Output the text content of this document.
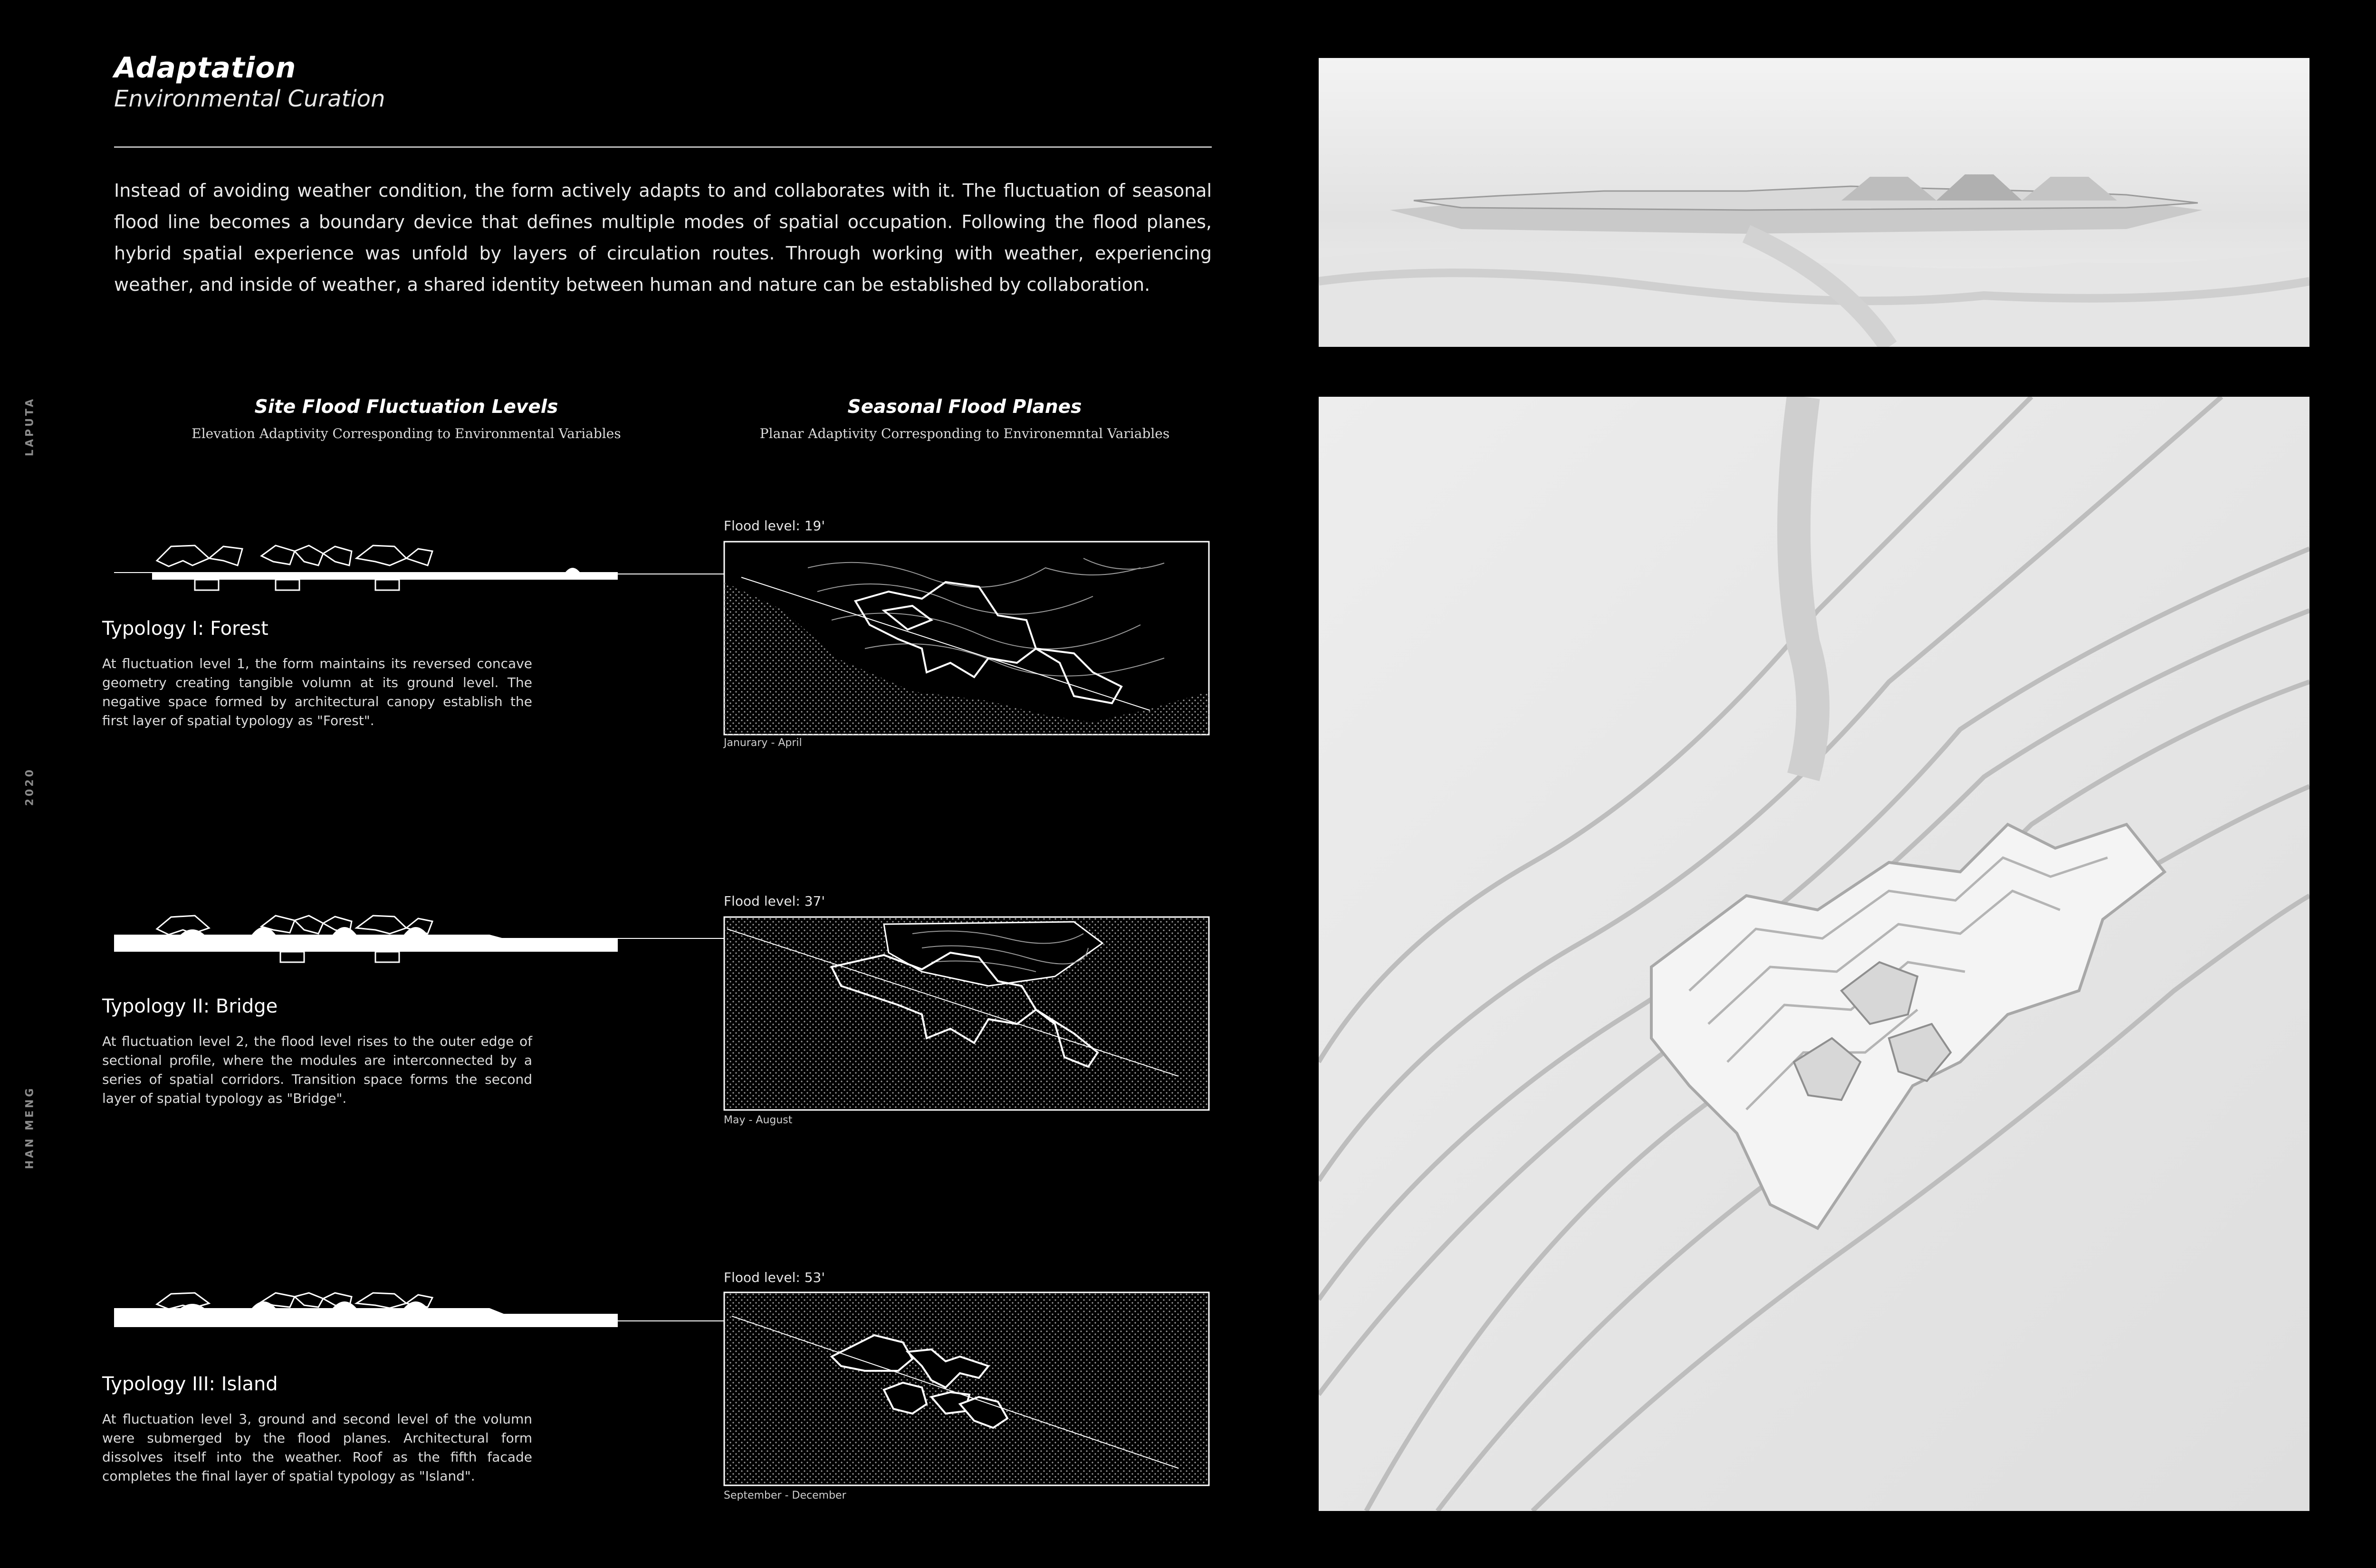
Adaptation
Environmental Curation
Instead of avoiding weather condition, the form actively adapts to and collaborates with it. The fluctuation of seasonal flood line becomes a boundary device that defines multiple modes of spatial occupation. Following the flood planes, hybrid spatial experience was unfold by layers of circulation routes. Through working with weather, experiencing weather, and inside of weather, a shared identity between human and nature can be established by collaboration.
Site Flood Fluctuation Levels
Elevation Adaptivity Corresponding to Environmental Variables
Seasonal Flood Planes
Planar Adaptivity Corresponding to Environemntal Variables
LAPUTA
2020
HAN MENG
Typology I: Forest
At fluctuation level 1, the form maintains its reversed concave geometry creating tangible volumn at its ground level. The negative space formed by architectural canopy establish the first layer of spatial typology as "Forest".
Flood level: 19'
Janurary - April
Typology II: Bridge
At fluctuation level 2, the flood level rises to the outer edge of sectional profile, where the modules are interconnected by a series of spatial corridors. Transition space forms the second layer of spatial typology as "Bridge".
Flood level: 37'
May - August
Typology III: Island
At fluctuation level 3, ground and second level of the volumn were submerged by the flood planes. Architectural form dissolves itself into the weather. Roof as the fifth facade completes the final layer of spatial typology as "Island".
Flood level: 53'
September - December
